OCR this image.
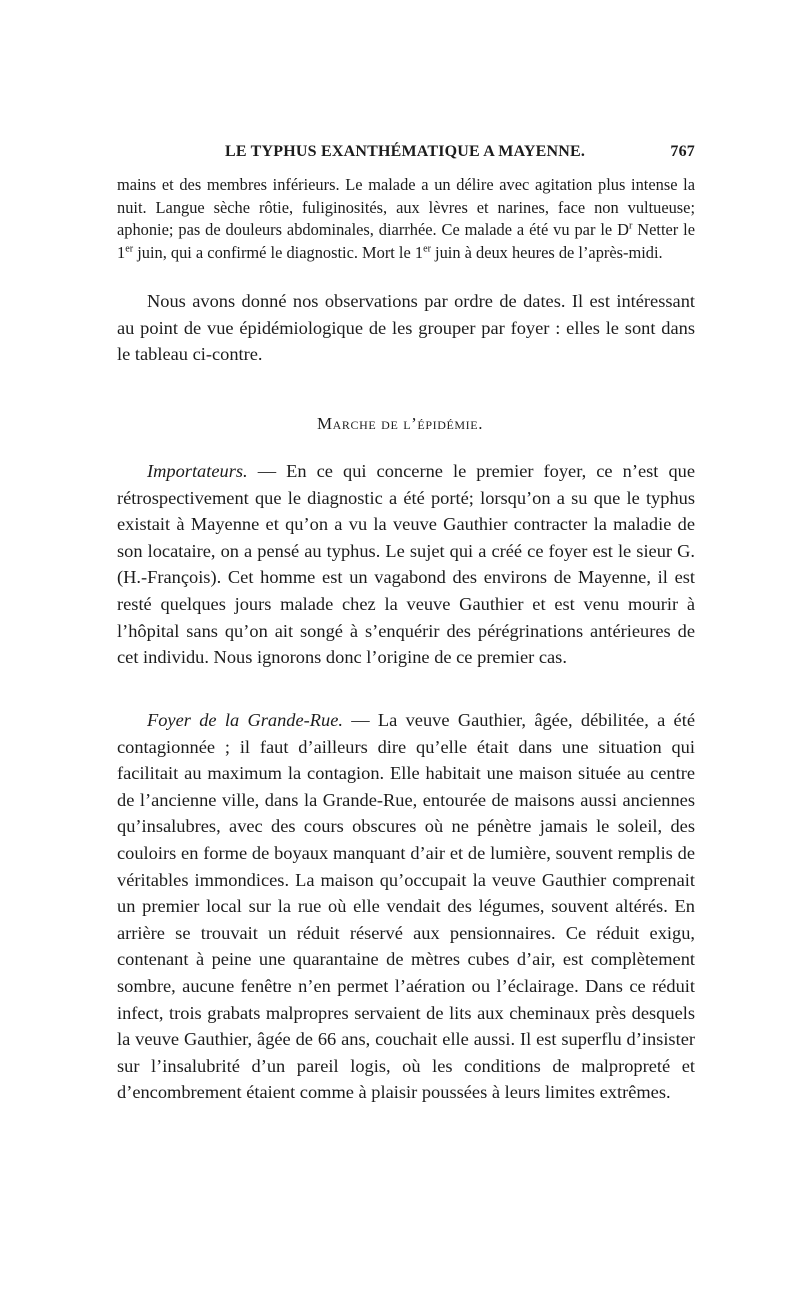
LE TYPHUS EXANTHÉMATIQUE A MAYENNE.	767

mains et des membres inférieurs. Le malade a un délire avec agitation plus intense la nuit. Langue sèche rôtie, fuliginosités, aux lèvres et narines, face non vultueuse; aphonie; pas de douleurs abdominales, diarrhée. Ce malade a été vu par le $D^r$ Netter le 1er juin, qui a confirmé le diagnostic. Mort le 1er juin à deux heures de l’après-midi.

Nous avons donné nos observations par ordre de dates. Il est intéressant au point de vue épidémiologique de les grouper par foyer : elles le sont dans le tableau ci-contre.

Marche de l’épidémie.

Importateurs. — En ce qui concerne le premier foyer, ce n’est que rétrospectivement que le diagnostic a été porté; lorsqu’on a su que le typhus existait à Mayenne et qu’on a vu la veuve Gauthier contracter la maladie de son locataire, on a pensé au typhus. Le sujet qui a créé ce foyer est le sieur G. (H.-François). Cet homme est un vagabond des environs de Mayenne, il est resté quelques jours malade chez la veuve Gauthier et est venu mourir à l’hôpital sans qu’on ait songé à s’enquérir des pérégrinations antérieures de cet individu. Nous ignorons donc l’origine de ce premier cas.

Foyer de la Grande-Rue. — La veuve Gauthier, âgée, débilitée, a été contagionnée ; il faut d’ailleurs dire qu’elle était dans une situation qui facilitait au maximum la contagion. Elle habitait une maison située au centre de l’ancienne ville, dans la Grande-Rue, entourée de maisons aussi anciennes qu’insalubres, avec des cours obscures où ne pénètre jamais le soleil, des couloirs en forme de boyaux manquant d’air et de lumière, souvent remplis de véritables immondices. La maison qu’occupait la veuve Gauthier comprenait un premier local sur la rue où elle vendait des légumes, souvent altérés. En arrière se trouvait un réduit réservé aux pensionnaires. Ce réduit exigu, contenant à peine une quarantaine de mètres cubes d’air, est complètement sombre, aucune fenêtre n’en permet l’aération ou l’éclairage. Dans ce réduit infect, trois grabats malpropres servaient de lits aux cheminaux près desquels la veuve Gauthier, âgée de 66 ans, couchait elle aussi. Il est superflu d’insister sur l’insalubrité d’un pareil logis, où les conditions de malpropreté et d’encombrement étaient comme à plaisir poussées à leurs limites extrêmes.
